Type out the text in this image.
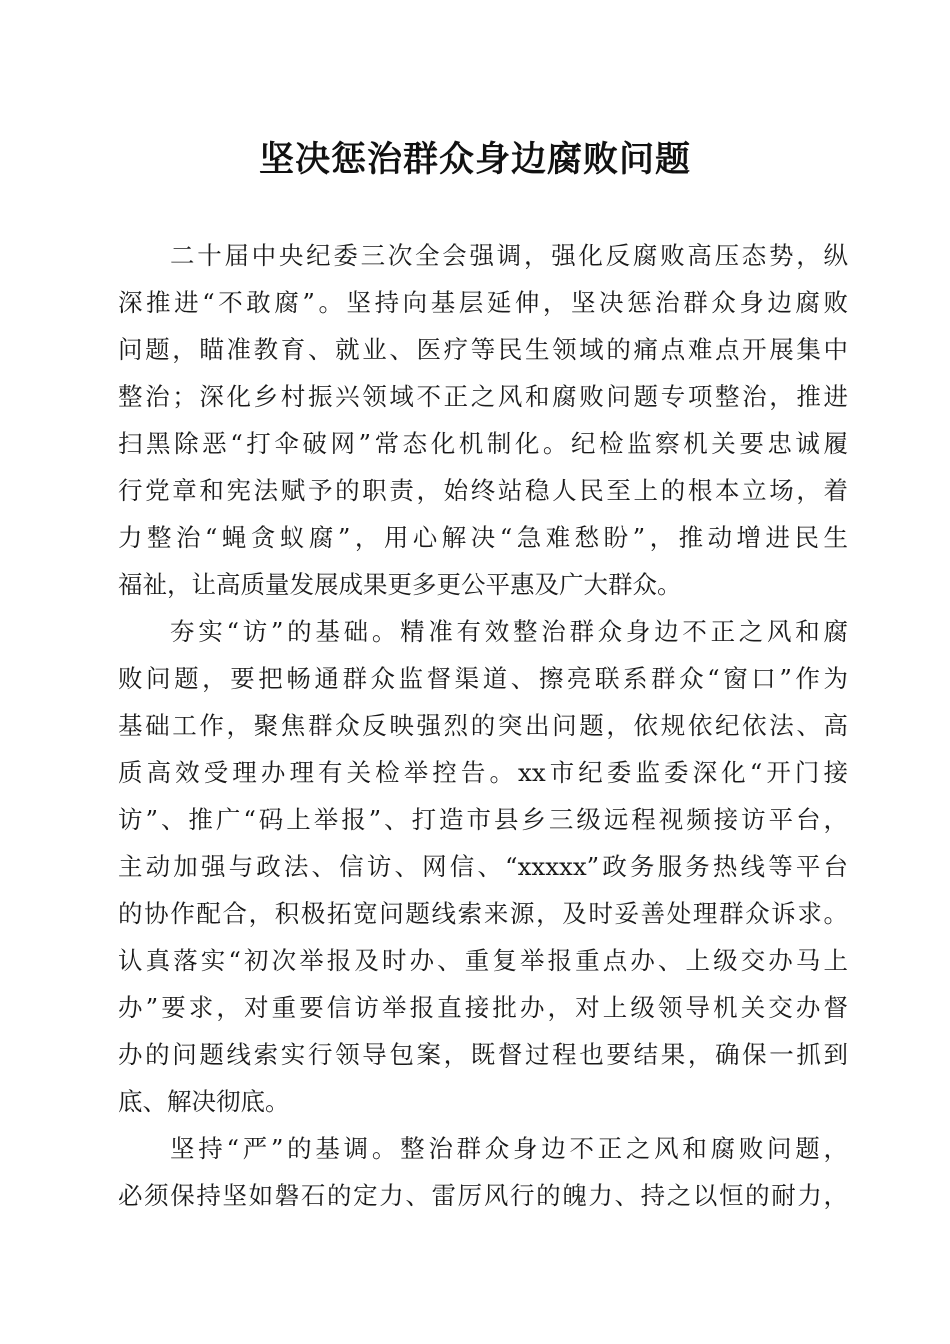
坚决惩治群众身边腐败问题
二十届中央纪委三次全会强调，强化反腐败高压态势，纵
深推进“不敢腐”。坚持向基层延伸，坚决惩治群众身边腐败
问题，瞄准教育、就业、医疗等民生领域的痛点难点开展集中
整治；深化乡村振兴领域不正之风和腐败问题专项整治，推进
扫黑除恶“打伞破网”常态化机制化。纪检监察机关要忠诚履
行党章和宪法赋予的职责，始终站稳人民至上的根本立场，着
力整治“蝇贪蚁腐”，用心解决“急难愁盼”，推动增进民生
福祉，让高质量发展成果更多更公平惠及广大群众。
夯实“访”的基础。精准有效整治群众身边不正之风和腐
败问题，要把畅通群众监督渠道、擦亮联系群众“窗口”作为
基础工作，聚焦群众反映强烈的突出问题，依规依纪依法、高
质高效受理办理有关检举控告。xx市纪委监委深化“开门接
访”、推广“码上举报”、打造市县乡三级远程视频接访平台，
主动加强与政法、信访、网信、“xxxxx”政务服务热线等平台
的协作配合，积极拓宽问题线索来源，及时妥善处理群众诉求。
认真落实“初次举报及时办、重复举报重点办、上级交办马上
办”要求，对重要信访举报直接批办，对上级领导机关交办督
办的问题线索实行领导包案，既督过程也要结果，确保一抓到
底、解决彻底。
坚持“严”的基调。整治群众身边不正之风和腐败问题，
必须保持坚如磐石的定力、雷厉风行的魄力、持之以恒的耐力，
